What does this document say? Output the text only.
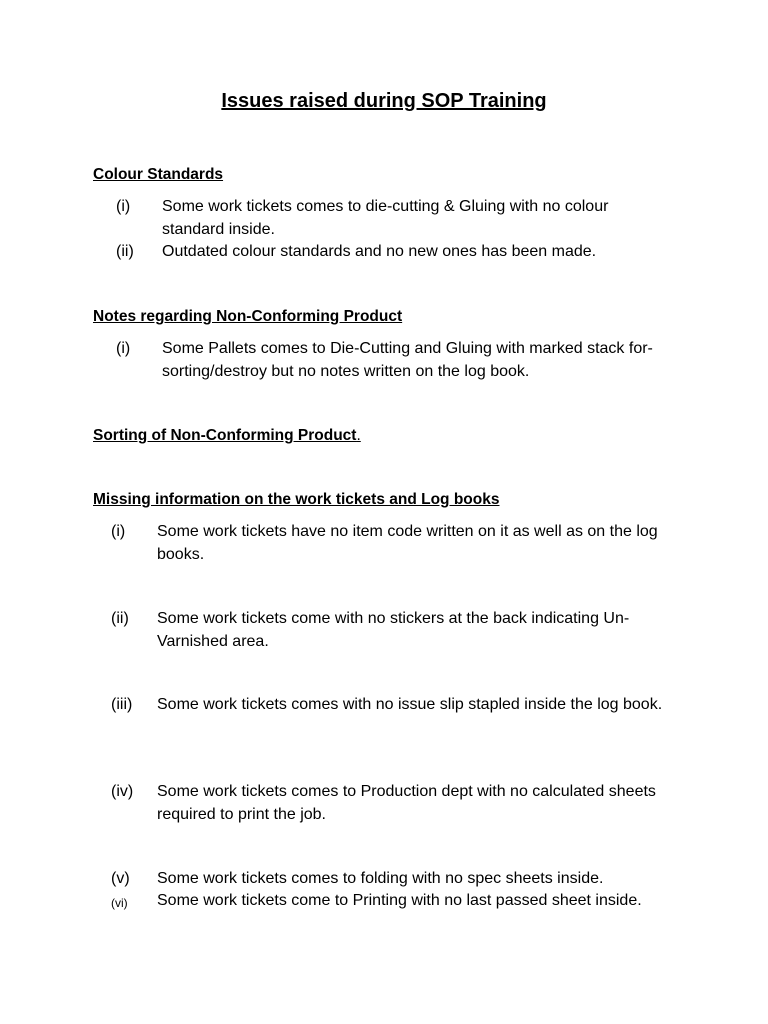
Issues raised during SOP Training
Colour Standards
(i) Some work tickets comes to die-cutting & Gluing with no colour standard inside.
(ii) Outdated colour standards and no new ones has been made.
Notes regarding Non-Conforming Product
(i) Some Pallets comes to Die-Cutting and Gluing with marked stack for-sorting/destroy but no notes written on the log book.
Sorting of Non-Conforming Product.
Missing information on the work tickets and Log books
(i) Some work tickets have no item code written on it as well as on the log books.
(ii) Some work tickets come with no stickers at the back indicating Un-Varnished area.
(iii) Some work tickets comes with no issue slip stapled inside the log book.
(iv) Some work tickets comes to Production dept with no calculated sheets required to print the job.
(v) Some work tickets comes to folding with no spec sheets inside.
(vi) Some work tickets come to Printing with no last passed sheet inside.
